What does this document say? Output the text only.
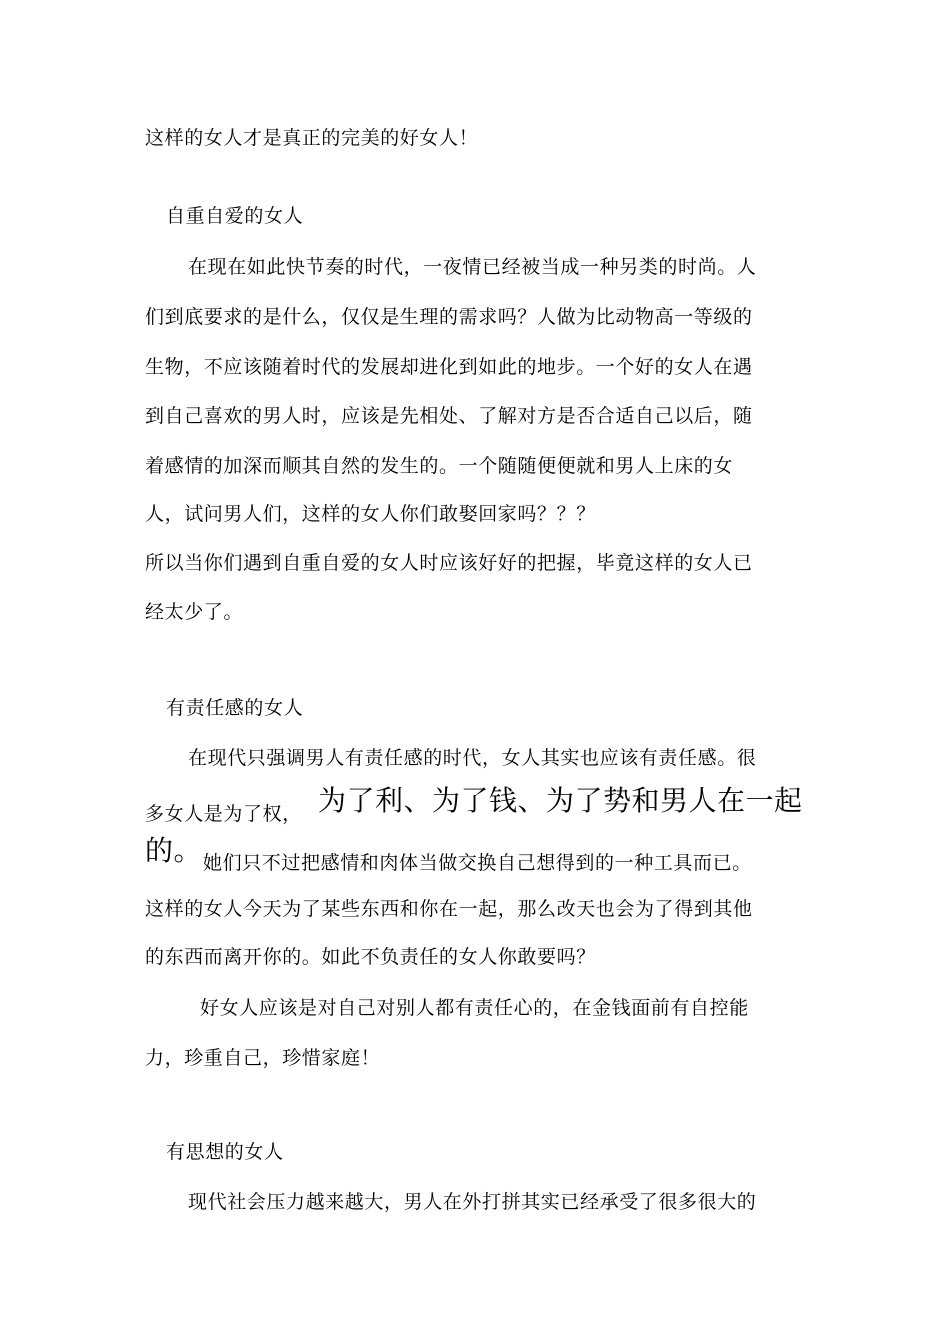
这样的女人才是真正的完美的好女人！
自重自爱的女人
在现在如此快节奏的时代，一夜情已经被当成一种另类的时尚。人
们到底要求的是什么，仅仅是生理的需求吗？人做为比动物高一等级的
生物，不应该随着时代的发展却进化到如此的地步。一个好的女人在遇
到自己喜欢的男人时，应该是先相处、了解对方是否合适自己以后，随
着感情的加深而顺其自然的发生的。一个随随便便就和男人上床的女
人，试问男人们，这样的女人你们敢娶回家吗？？？
所以当你们遇到自重自爱的女人时应该好好的把握，毕竟这样的女人已
经太少了。
有责任感的女人
在现代只强调男人有责任感的时代，女人其实也应该有责任感。很
多女人是为了权， 为了利、为了钱、为了势和男人在一起
的。 她们只不过把感情和肉体当做交换自己想得到的一种工具而已。
这样的女人今天为了某些东西和你在一起，那么改天也会为了得到其他
的东西而离开你的。如此不负责任的女人你敢要吗？
好女人应该是对自己对别人都有责任心的，在金钱面前有自控能
力，珍重自己，珍惜家庭！
有思想的女人
现代社会压力越来越大，男人在外打拼其实已经承受了很多很大的
